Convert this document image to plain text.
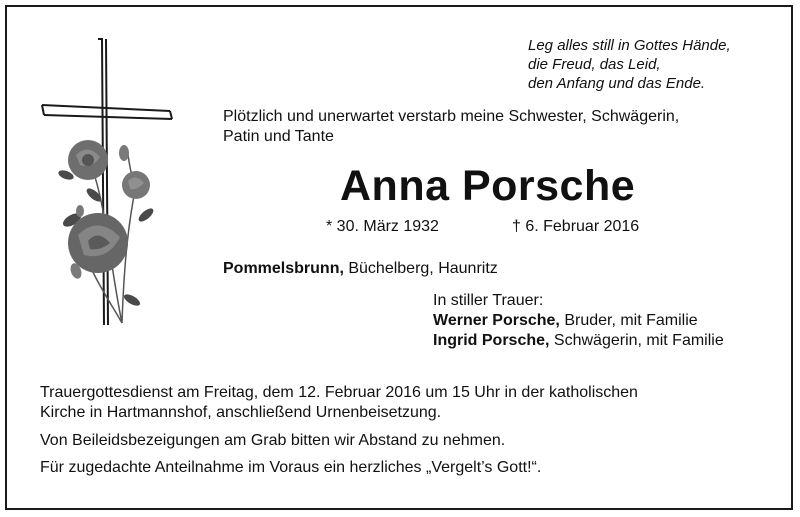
Leg alles still in Gottes Hände,
die Freud, das Leid,
den Anfang und das Ende.
Plötzlich und unerwartet verstarb meine Schwester, Schwägerin,
Patin und Tante
Anna Porsche
* 30. März 1932	† 6. Februar 2016
Pommelsbrunn, Büchelberg, Haunritz
In stiller Trauer:
Werner Porsche, Bruder, mit Familie
Ingrid Porsche, Schwägerin, mit Familie
Trauergottesdienst am Freitag, dem 12. Februar 2016 um 15 Uhr in der katholischen
Kirche in Hartmannshof, anschließend Urnenbeisetzung.
Von Beileidsbezeigungen am Grab bitten wir Abstand zu nehmen.
Für zugedachte Anteilnahme im Voraus ein herzliches „Vergelt’s Gott!“.
